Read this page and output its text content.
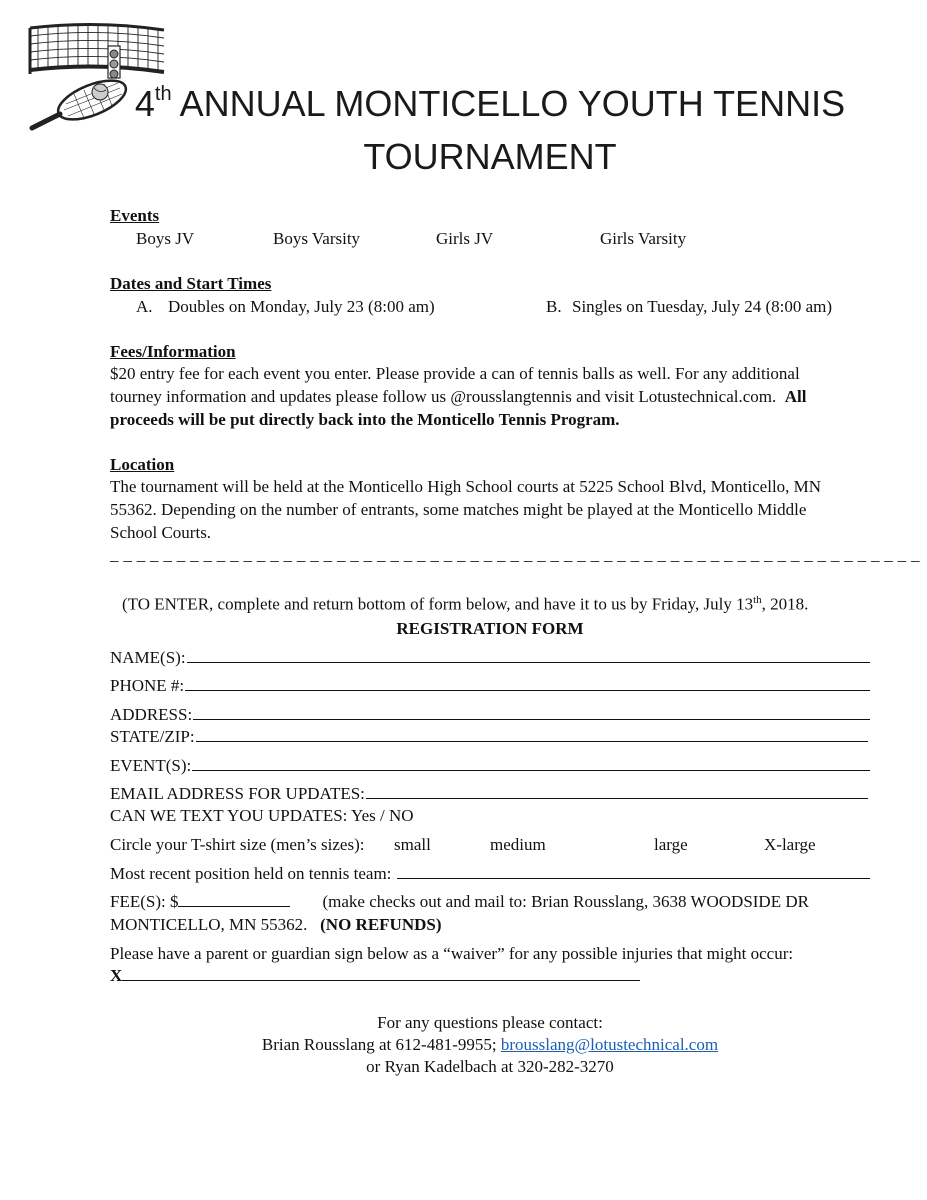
4th ANNUAL MONTICELLO YOUTH TENNIS
TOURNAMENT
Events
Boys JV	Boys Varsity	Girls JV	Girls Varsity
Dates and Start Times
A. Doubles on Monday, July 23 (8:00 am)	B. Singles on Tuesday, July 24 (8:00 am)
Fees/Information
$20 entry fee for each event you enter. Please provide a can of tennis balls as well. For any additional
tourney information and updates please follow us @rousslangtennis and visit Lotustechnical.com. All
proceeds will be put directly back into the Monticello Tennis Program.
Location
The tournament will be held at the Monticello High School courts at 5225 School Blvd, Monticello, MN
55362. Depending on the number of entrants, some matches might be played at the Monticello Middle
School Courts.
_ _ _ _ _ _ _ _ _ _ _ _ _ _ _ _ _ _ _ _ _ _ _ _ _ _ _ _ _ _ _ _ _ _ _ _ _ _ _ _ _ _ _ _ _ _ _ _ _ _ _ _ _ _ _ _ _ _ _ _ _
(TO ENTER, complete and return bottom of form below, and have it to us by Friday, July 13th, 2018.
REGISTRATION FORM
NAME(S):
PHONE #:
ADDRESS:
STATE/ZIP:
EVENT(S):
EMAIL ADDRESS FOR UPDATES:
CAN WE TEXT YOU UPDATES: Yes / NO
Circle your T-shirt size (men’s sizes): small	medium	large	X-large
Most recent position held on tennis team:
FEE(S): $	(make checks out and mail to: Brian Rousslang, 3638 WOODSIDE DR
MONTICELLO, MN 55362. (NO REFUNDS)
Please have a parent or guardian sign below as a “waiver” for any possible injuries that might occur:
X
For any questions please contact:
Brian Rousslang at 612-481-9955; brousslang@lotustechnical.com
or Ryan Kadelbach at 320-282-3270
